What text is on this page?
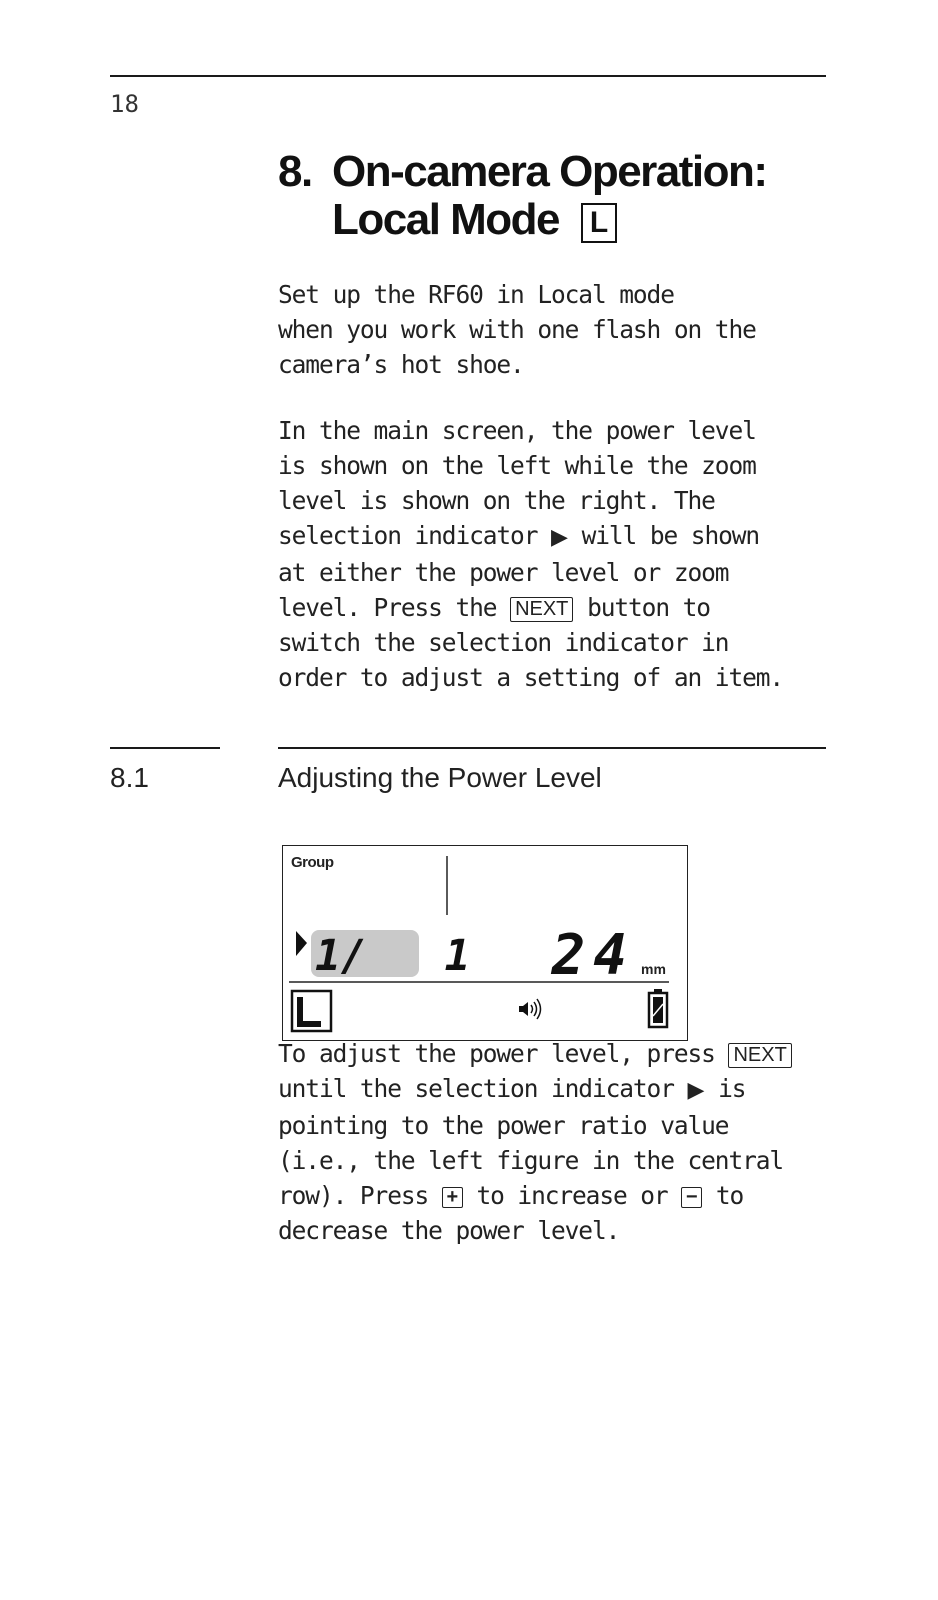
18
8. On-camera Operation:
Local Mode L

Set up the RF60 in Local mode
when you work with one flash on the
camera’s hot shoe.

In the main screen, the power level
is shown on the left while the zoom
level is shown on the right. The
selection indicator ▶ will be shown
at either the power level or zoom
level. Press the NEXT button to
switch the selection indicator in
order to adjust a setting of an item.

8.1	Adjusting the Power Level
Group
1/   1 24 mm

To adjust the power level, press NEXT
until the selection indicator ▶ is
pointing to the power ratio value
(i.e., the left figure in the central
row). Press + to increase or − to
decrease the power level.
